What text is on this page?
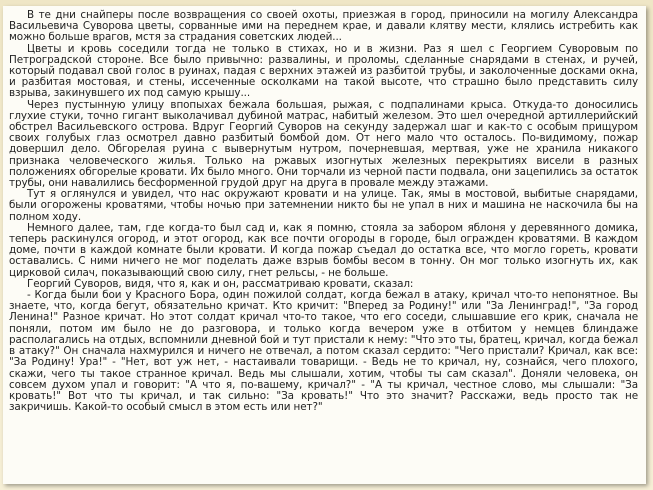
В те дни снайперы после возвращения со своей охоты, приезжая в город, приносили на могилу Александра Васильевича Суворова цветы, сорванные ими на переднем крае, и давали клятву мести, клялись истребить как можно больше врагов, мстя за страдания советских людей...

Цветы и кровь соседили тогда не только в стихах, но и в жизни. Раз я шел с Георгием Суворовым по Петроградской стороне. Все было привычно: развалины, и проломы, сделанные снарядами в стенах, и ручей, который подавал свой голос в руинах, падая с верхних этажей из разбитой трубы, и заколоченные досками окна, и разбитая мостовая, и стены, иссеченные осколками на такой высоте, что страшно было представить силу взрыва, закинувшего их под самую крышу...

Через пустынную улицу впопыхах бежала большая, рыжая, с подпалинами крыса. Откуда-то доносились глухие стуки, точно гигант выколачивал дубиной матрас, набитый железом. Это шел очередной артиллерийский обстрел Васильевского острова. Вдруг Георгий Суворов на секунду задержал шаг и как-то с особым прищуром своих голубых глаз осмотрел давно разбитый бомбой дом. От него мало что осталось. По-видимому, пожар довершил дело. Обгорелая руина с вывернутым нутром, почерневшая, мертвая, уже не хранила никакого признака человеческого жилья. Только на ржавых изогнутых железных перекрытиях висели в разных положениях обгорелые кровати. Их было много. Они торчали из черной пасти подвала, они зацепились за остаток трубы, они навалились бесформенной грудой друг на друга в провале между этажами.

Тут я оглянулся и увидел, что нас окружают кровати и на улице. Так, ямы в мостовой, выбитые снарядами, были огорожены кроватями, чтобы ночью при затемнении никто бы не упал в них и машина не наскочила бы на полном ходу.

Немного далее, там, где когда-то был сад и, как я помню, стояла за забором яблоня у деревянного домика, теперь раскинулся огород, и этот огород, как все почти огороды в городе, был огражден кроватями. В каждом доме, почти в каждой комнате были кровати. И когда пожар съедал до остатка все, что могло гореть, кровати оставались. С ними ничего не мог поделать даже взрыв бомбы весом в тонну. Он мог только изогнуть их, как цирковой силач, показывающий свою силу, гнет рельсы, - не больше.

Георгий Суворов, видя, что я, как и он, рассматриваю кровати, сказал:

- Когда были бои у Красного Бора, один пожилой солдат, когда бежал в атаку, кричал что-то непонятное. Вы знаете, что, когда бегут, обязательно кричат. Кто кричит: "Вперед за Родину!" или "За Ленинград!", "За город Ленина!" Разное кричат. Но этот солдат кричал что-то такое, что его соседи, слышавшие его крик, сначала не поняли, потом им было не до разговора, и только когда вечером уже в отбитом у немцев блиндаже располагались на отдых, вспомнили дневной бой и тут пристали к нему: "Что это ты, братец, кричал, когда бежал в атаку?" Он сначала нахмурился и ничего не отвечал, а потом сказал сердито: "Чего пристали? Кричал, как все: "За Родину! Ура!" - "Нет, вот уж нет, - настаивали товарищи. - Ведь не то кричал, ну, сознайся, чего плохого, скажи, чего ты такое странное кричал. Ведь мы слышали, хотим, чтобы ты сам сказал". Доняли человека, он совсем духом упал и говорит: "А что я, по-вашему, кричал?" - "А ты кричал, честное слово, мы слышали: "За кровать!" Вот что ты кричал, и так сильно: "За кровать!" Что это значит? Расскажи, ведь просто так не закричишь. Какой-то особый смысл в этом есть или нет?"
